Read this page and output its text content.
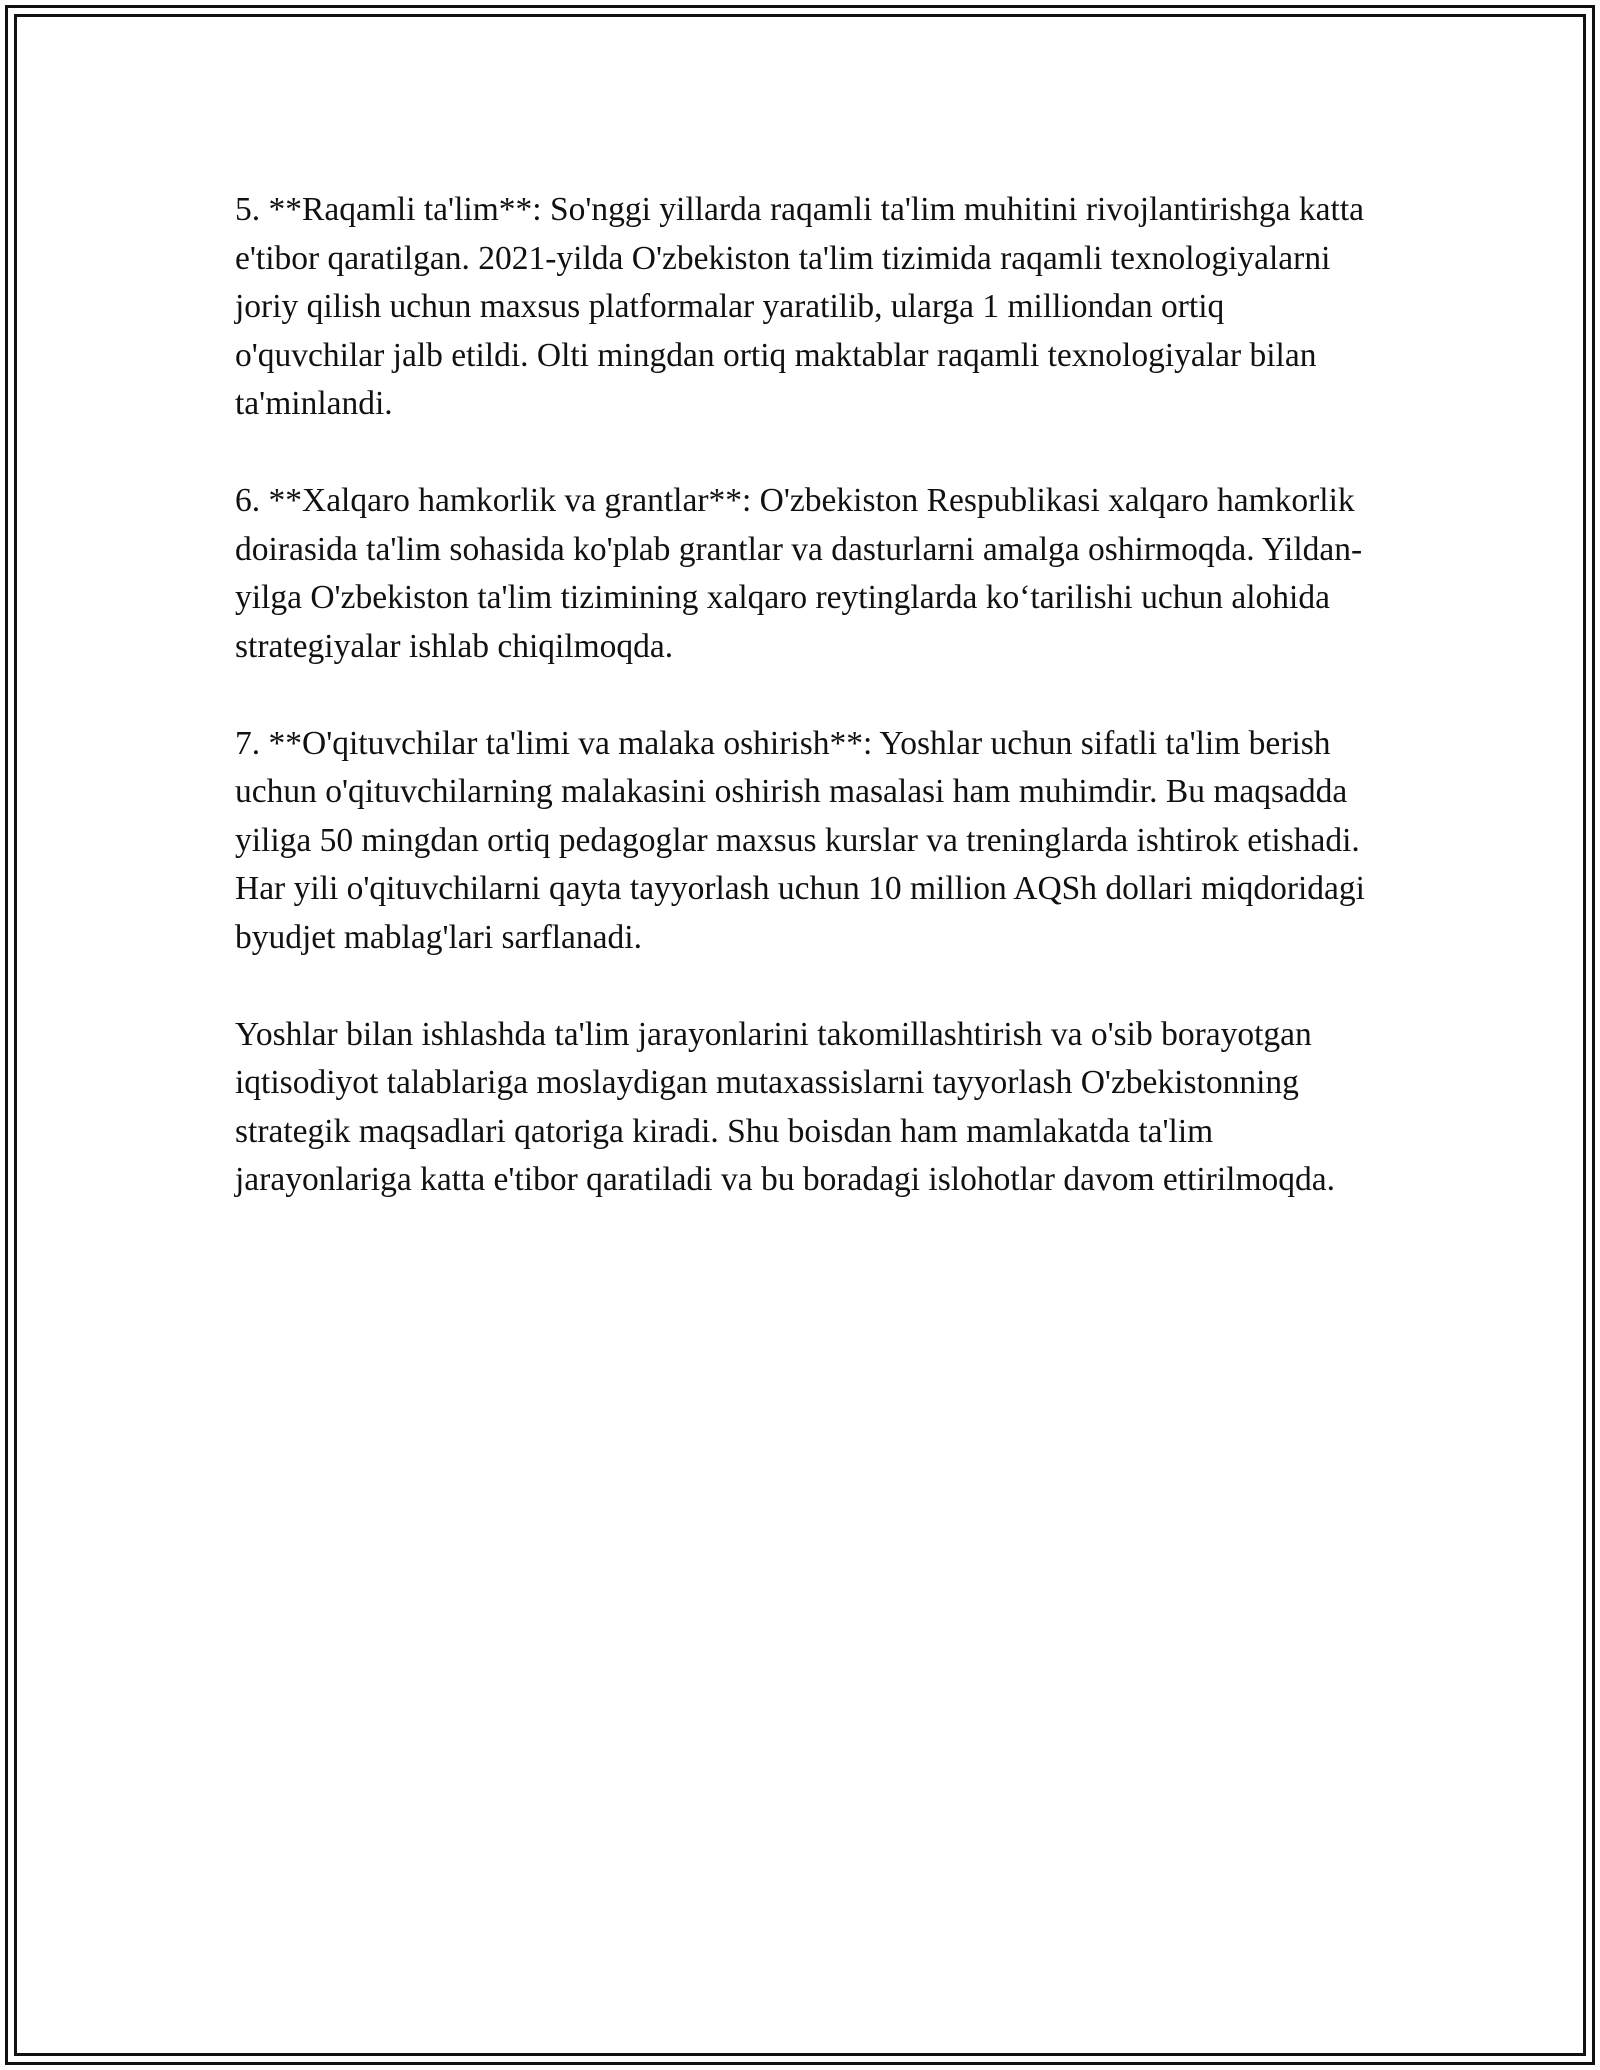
5. **Raqamli ta'lim**: So'nggi yillarda raqamli ta'lim muhitini rivojlantirishga katta e'tibor qaratilgan. 2021-yilda O'zbekiston ta'lim tizimida raqamli texnologiyalarni joriy qilish uchun maxsus platformalar yaratilib, ularga 1 milliondan ortiq o'quvchilar jalb etildi. Olti mingdan ortiq maktablar raqamli texnologiyalar bilan ta'minlandi.

6. **Xalqaro hamkorlik va grantlar**: O'zbekiston Respublikasi xalqaro hamkorlik doirasida ta'lim sohasida ko'plab grantlar va dasturlarni amalga oshirmoqda. Yildan-yilga O'zbekiston ta'lim tizimining xalqaro reytinglarda ko‘tarilishi uchun alohida strategiyalar ishlab chiqilmoqda.

7. **O'qituvchilar ta'limi va malaka oshirish**: Yoshlar uchun sifatli ta'lim berish uchun o'qituvchilarning malakasini oshirish masalasi ham muhimdir. Bu maqsadda yiliga 50 mingdan ortiq pedagoglar maxsus kurslar va treninglarda ishtirok etishadi. Har yili o'qituvchilarni qayta tayyorlash uchun 10 million AQSh dollari miqdoridagi byudjet mablag'lari sarflanadi.

Yoshlar bilan ishlashda ta'lim jarayonlarini takomillashtirish va o'sib borayotgan iqtisodiyot talablariga moslaydigan mutaxassislarni tayyorlash O'zbekistonning strategik maqsadlari qatoriga kiradi. Shu boisdan ham mamlakatda ta'lim jarayonlariga katta e'tibor qaratiladi va bu boradagi islohotlar davom ettirilmoqda.
